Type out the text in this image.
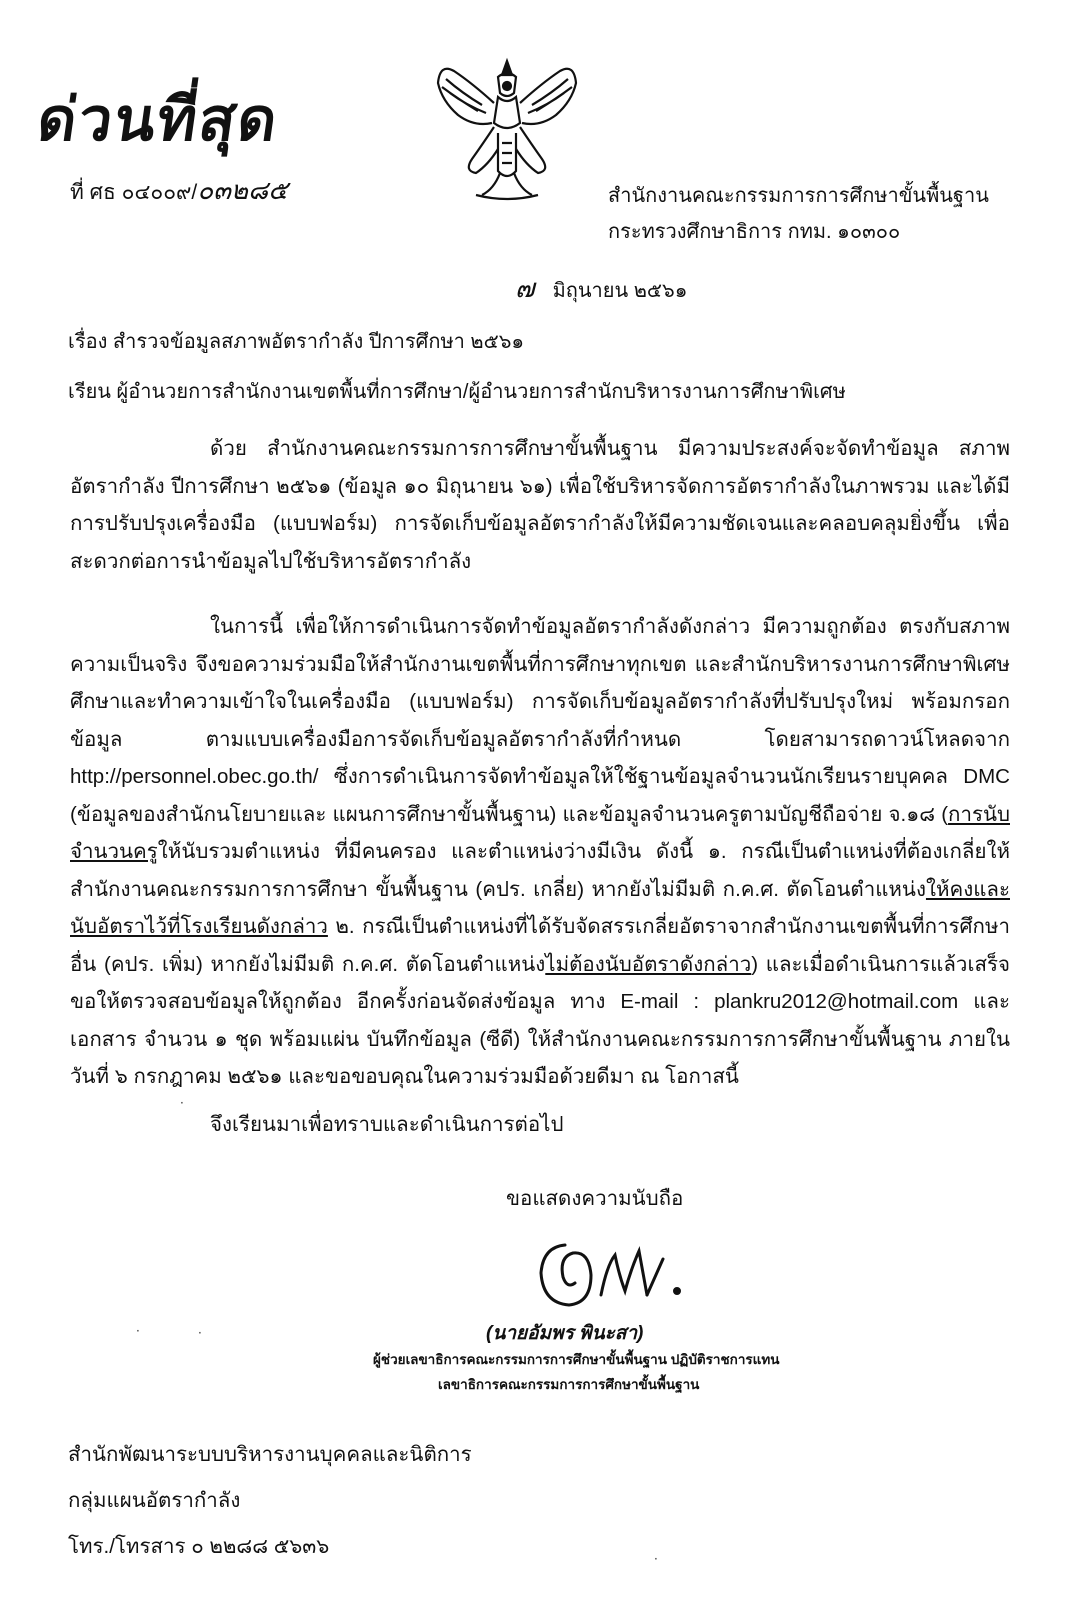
ด่วนที่สุด
ที่ ศธ ๐๔๐๐๙/๐๓๒๘๕	สำนักงานคณะกรรมการการศึกษาขั้นพื้นฐาน
กระทรวงศึกษาธิการ กทม. ๑๐๓๐๐
๗ มิถุนายน ๒๕๖๑
เรื่อง สำรวจข้อมูลสภาพอัตรากำลัง ปีการศึกษา ๒๕๖๑
เรียน ผู้อำนวยการสำนักงานเขตพื้นที่การศึกษา/ผู้อำนวยการสำนักบริหารงานการศึกษาพิเศษ
ด้วย สำนักงานคณะกรรมการการศึกษาขั้นพื้นฐาน มีความประสงค์จะจัดทำข้อมูล สภาพอัตรากำลัง ปีการศึกษา ๒๕๖๑ (ข้อมูล ๑๐ มิถุนายน ๖๑) เพื่อใช้บริหารจัดการอัตรากำลังในภาพรวม และได้มีการปรับปรุงเครื่องมือ (แบบฟอร์ม) การจัดเก็บข้อมูลอัตรากำลังให้มีความชัดเจนและคลอบคลุมยิ่งขึ้น เพื่อสะดวกต่อการนำข้อมูลไปใช้บริหารอัตรากำลัง
ในการนี้ เพื่อให้การดำเนินการจัดทำข้อมูลอัตรากำลังดังกล่าว มีความถูกต้อง ตรงกับสภาพ ความเป็นจริง จึงขอความร่วมมือให้สำนักงานเขตพื้นที่การศึกษาทุกเขต และสำนักบริหารงานการศึกษาพิเศษ ศึกษาและทำความเข้าใจในเครื่องมือ (แบบฟอร์ม) การจัดเก็บข้อมูลอัตรากำลังที่ปรับปรุงใหม่ พร้อมกรอกข้อมูล ตามแบบเครื่องมือการจัดเก็บข้อมูลอัตรากำลังที่กำหนด โดยสามารถดาวน์โหลดจาก http://personnel.obec.go.th/ ซึ่งการดำเนินการจัดทำข้อมูลให้ใช้ฐานข้อมูลจำนวนนักเรียนรายบุคคล DMC (ข้อมูลของสำนักนโยบายและ แผนการศึกษาขั้นพื้นฐาน) และข้อมูลจำนวนครูตามบัญชีถือจ่าย จ.๑๘ (การนับจำนวนครูให้นับรวมตำแหน่ง ที่มีคนครอง และตำแหน่งว่างมีเงิน ดังนี้ ๑. กรณีเป็นตำแหน่งที่ต้องเกลี่ยให้สำนักงานคณะกรรมการการศึกษา ขั้นพื้นฐาน (คปร. เกลี่ย) หากยังไม่มีมติ ก.ค.ศ. ตัดโอนตำแหน่งให้คงและนับอัตราไว้ที่โรงเรียนดังกล่าว ๒. กรณีเป็นตำแหน่งที่ได้รับจัดสรรเกลี่ยอัตราจากสำนักงานเขตพื้นที่การศึกษาอื่น (คปร. เพิ่ม) หากยังไม่มีมติ ก.ค.ศ. ตัดโอนตำแหน่งไม่ต้องนับอัตราดังกล่าว) และเมื่อดำเนินการแล้วเสร็จ ขอให้ตรวจสอบข้อมูลให้ถูกต้อง อีกครั้งก่อนจัดส่งข้อมูล ทาง E-mail : plankru2012@hotmail.com และเอกสาร จำนวน ๑ ชุด พร้อมแผ่น บันทึกข้อมูล (ซีดี) ให้สำนักงานคณะกรรมการการศึกษาขั้นพื้นฐาน ภายในวันที่ ๖ กรกฎาคม ๒๕๖๑ และขอขอบคุณในความร่วมมือด้วยดีมา ณ โอกาสนี้
จึงเรียนมาเพื่อทราบและดำเนินการต่อไป
ขอแสดงความนับถือ
(นายอัมพร พินะสา)
ผู้ช่วยเลขาธิการคณะกรรมการการศึกษาขั้นพื้นฐาน ปฏิบัติราชการแทน
เลขาธิการคณะกรรมการการศึกษาขั้นพื้นฐาน
สำนักพัฒนาระบบบริหารงานบุคคลและนิติการ
กลุ่มแผนอัตรากำลัง
โทร./โทรสาร ๐ ๒๒๘๘ ๕๖๓๖
·
·	·
·
